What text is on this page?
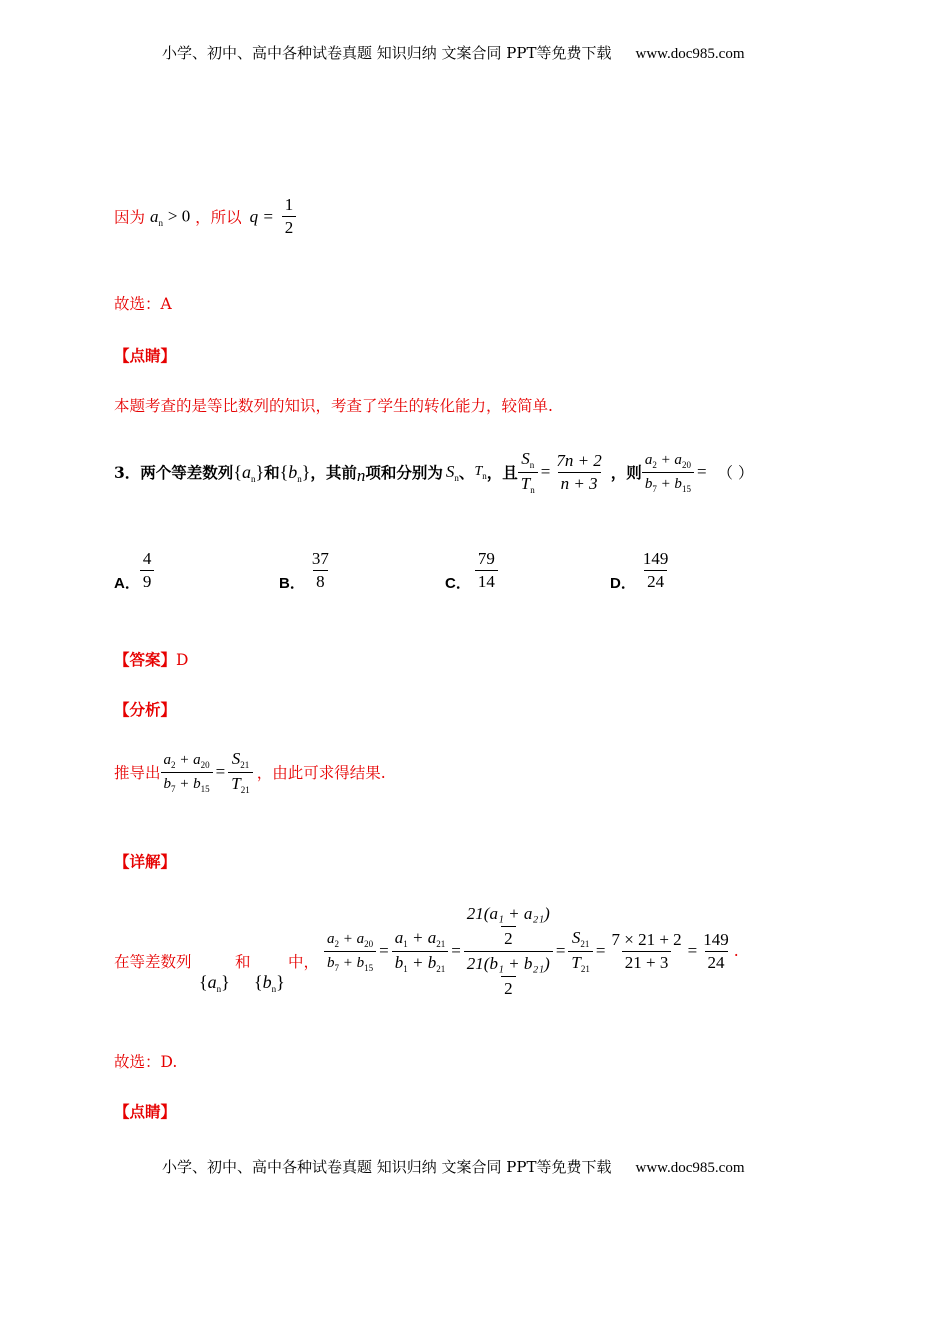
小学、初中、高中各种试卷真题 知识归纳 文案合同 PPT等免费下载 www.doc985.com
因为 $a_n > 0$ ，所以 $q = \frac{1}{2}$
故选：A
【点睛】
本题考查的是等比数列的知识，考查了学生的转化能力，较简单.
3． 两个等差数列 $\{a_n\}$ 和 $\{b_n\}$ ，其前 n 项和分别为 $S_n$ 、 $T_n$ ，且 $\frac{S_n}{T_n} = \frac{7n + 2}{n + 3}$ ，则 $\frac{a_2 + a_{20}}{b_7 + b_{15}}$ = （ ）
A． $\frac{4}{9}$	B． $\frac{37}{8}$	C． $\frac{79}{14}$	D． $\frac{149}{24}$
【答案】D
【分析】
推导出 $\frac{a_2 + a_{20}}{b_7 + b_{15}} = \frac{S_{21}}{T_{21}}$ ，由此可求得结果.
【详解】
在等差数列	和 中，
$\{a_n\}$ $\{b_n\}$
$\frac{a_2 + a_{20}}{b_7 + b_{15}} = \frac{a_1 + a_{21}}{b_1 + b_{21}} = \frac{\frac{\text{21(a₁ + a₂₁)}}{2}}{\frac{\text{21(b₁ + b₂₁)}}{2}} = \frac{S_{21}}{T_{21}} = \frac{7 \times 21 + 2}{21 + 3} = \frac{149}{24}$ .
故选：D.
【点睛】
小学、初中、高中各种试卷真题 知识归纳 文案合同 PPT等免费下载 www.doc985.com
